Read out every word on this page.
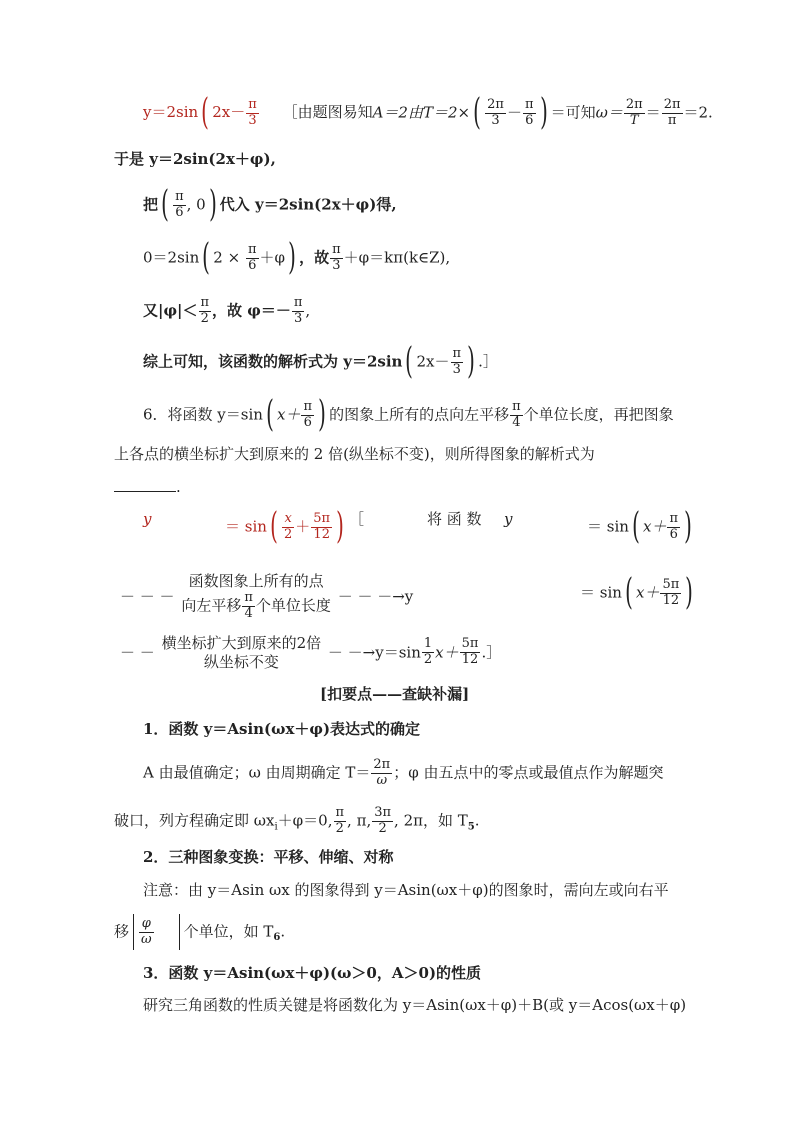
y＝2sin( $2x- \frac{\pi}{3}$ ［由题图易知A＝2由$T=2\times( \frac{2\pi}{3} - \frac{\pi}{6}$ ) ＝可知$\omega= \frac{2\pi}{T} = \frac{2\pi}{\pi} =2$.
于是 y＝2sin(2x＋φ),
把( $\frac{\pi}{6}$ , 0) 代入 y＝2sin(2x＋φ)得,
0＝2sin( $2 \times \frac{\pi}{6} +\varphi$) ，故 $\frac{\pi}{3}$ ＋φ＝kπ(k∈Z),
又$|\varphi|< \frac{\pi}{2}$ ，故 $\varphi=- \frac{\pi}{3}$ ,
综上可知，该函数的解析式为 y＝2sin( $2x- \frac{\pi}{3}$ ) .］
6．将函数 y＝sin( $x+ \frac{\pi}{6}$ ) 的图象上所有的点向左平移 $\frac{\pi}{4}$ 个单位长度，再把图象
上各点的横坐标扩大到原来的 2 倍(纵坐标不变)，则所得图象的解析式为
.
y	＝ $\sin( \frac{x}{2} + \frac{5\pi}{12}$ ) ［	将 函 数 y	＝ sin( $x+ \frac{\pi}{6}$ )
－ － －
函数图象上所有的点
向左平移 $\frac{\pi}{4}$ 个单位长度 － － －→y	＝ sin( $x+ \frac{5\pi}{12}$ )
－ －
横坐标扩大到原来的2倍
纵坐标不变
－ $-\to y=\sin \frac{1}{2} x+ \frac{5\pi}{12}$ .］
[扣要点——查缺补漏]
1．函数 y＝Asin(ωx＋φ)表达式的确定
A 由最值确定；ω 由周期确定 $T= \frac{2\pi}{\omega}$ ；φ 由五点中的零点或最值点作为解题突
破口，列方程确定即 $\omega x_i+\varphi=0$, $\frac{\pi}{2}$ , π, $\frac{3\pi}{2}$ , 2π，如 $T_5$.
2．三种图象变换：平移、伸缩、对称
注意：由 y＝Asin ωx 的图象得到 y＝Asin(ωx＋φ)的图象时，需向左或向右平
移 $\frac{\varphi}{\omega}$ 个单位，如 $T_6$.
3．函数 y＝Asin(ωx＋φ)(ω＞0，A＞0)的性质
研究三角函数的性质关键是将函数化为 y＝Asin(ωx＋φ)＋B(或 y＝Acos(ωx＋φ)
